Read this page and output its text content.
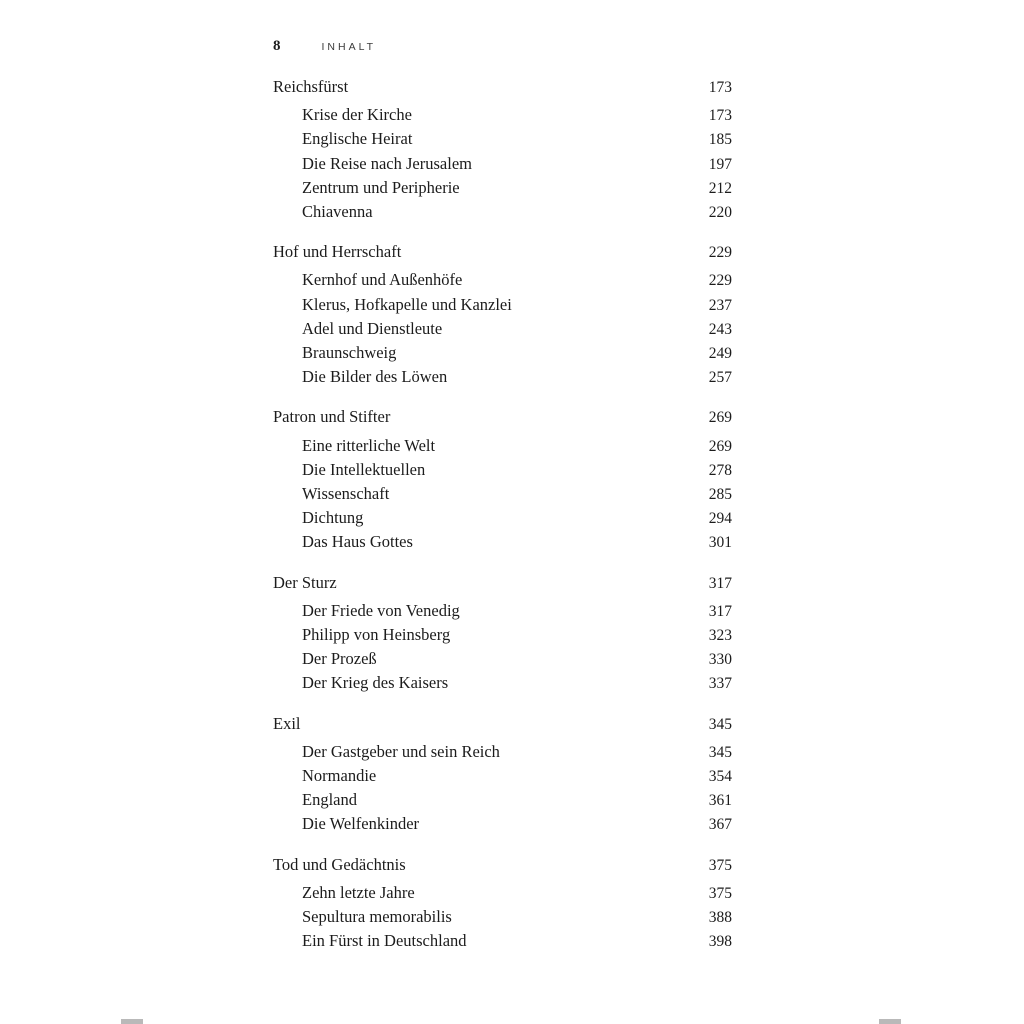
8	INHALT
Reichsfürst	173
Krise der Kirche	173
Englische Heirat	185
Die Reise nach Jerusalem	197
Zentrum und Peripherie	212
Chiavenna	220
Hof und Herrschaft	229
Kernhof und Außenhöfe	229
Klerus, Hofkapelle und Kanzlei	237
Adel und Dienstleute	243
Braunschweig	249
Die Bilder des Löwen	257
Patron und Stifter	269
Eine ritterliche Welt	269
Die Intellektuellen	278
Wissenschaft	285
Dichtung	294
Das Haus Gottes	301
Der Sturz	317
Der Friede von Venedig	317
Philipp von Heinsberg	323
Der Prozeß	330
Der Krieg des Kaisers	337
Exil	345
Der Gastgeber und sein Reich	345
Normandie	354
England	361
Die Welfenkinder	367
Tod und Gedächtnis	375
Zehn letzte Jahre	375
Sepultura memorabilis	388
Ein Fürst in Deutschland	398
